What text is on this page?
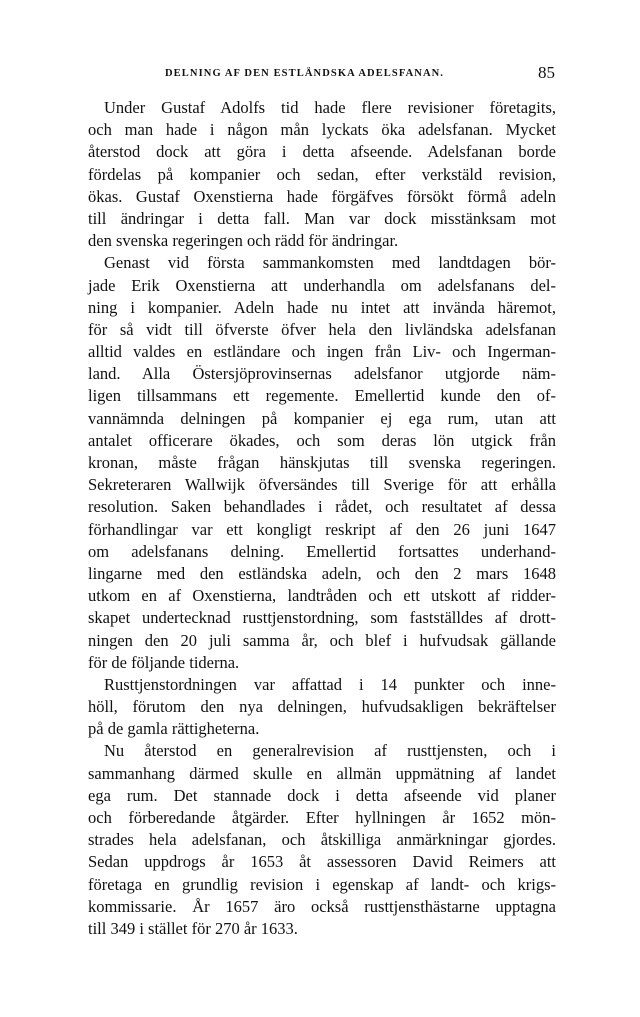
DELNING AF DEN ESTLÄNDSKA ADELSFANAN.	85
Under Gustaf Adolfs tid hade flere revisioner företagits,
och man hade i någon mån lyckats öka adelsfanan. Mycket
återstod dock att göra i detta afseende. Adelsfanan borde
fördelas på kompanier och sedan, efter verkstäld revision,
ökas. Gustaf Oxenstierna hade förgäfves försökt förmå adeln
till ändringar i detta fall. Man var dock misstänksam mot
den svenska regeringen och rädd för ändringar.
Genast vid första sammankomsten med landtdagen bör-
jade Erik Oxenstierna att underhandla om adelsfanans del-
ning i kompanier. Adeln hade nu intet att invända häremot,
för så vidt till öfverste öfver hela den livländska adelsfanan
alltid valdes en estländare och ingen från Liv- och Ingerman-
land. Alla Östersjöprovinsernas adelsfanor utgjorde näm-
ligen tillsammans ett regemente. Emellertid kunde den of-
vannämnda delningen på kompanier ej ega rum, utan att
antalet officerare ökades, och som deras lön utgick från
kronan, måste frågan hänskjutas till svenska regeringen.
Sekreteraren Wallwijk öfversändes till Sverige för att erhålla
resolution. Saken behandlades i rådet, och resultatet af dessa
förhandlingar var ett kongligt reskript af den 26 juni 1647
om adelsfanans delning. Emellertid fortsattes underhand-
lingarne med den estländska adeln, och den 2 mars 1648
utkom en af Oxenstierna, landtråden och ett utskott af ridder-
skapet undertecknad rusttjenstordning, som fastställdes af drott-
ningen den 20 juli samma år, och blef i hufvudsak gällande
för de följande tiderna.
Rusttjenstordningen var affattad i 14 punkter och inne-
höll, förutom den nya delningen, hufvudsakligen bekräftelser
på de gamla rättigheterna.
Nu återstod en generalrevision af rusttjensten, och i
sammanhang därmed skulle en allmän uppmätning af landet
ega rum. Det stannade dock i detta afseende vid planer
och förberedande åtgärder. Efter hyllningen år 1652 mön-
strades hela adelsfanan, och åtskilliga anmärkningar gjordes.
Sedan uppdrogs år 1653 åt assessoren David Reimers att
företaga en grundlig revision i egenskap af landt- och krigs-
kommissarie. År 1657 äro också rusttjensthästarne upptagna
till 349 i stället för 270 år 1633.
